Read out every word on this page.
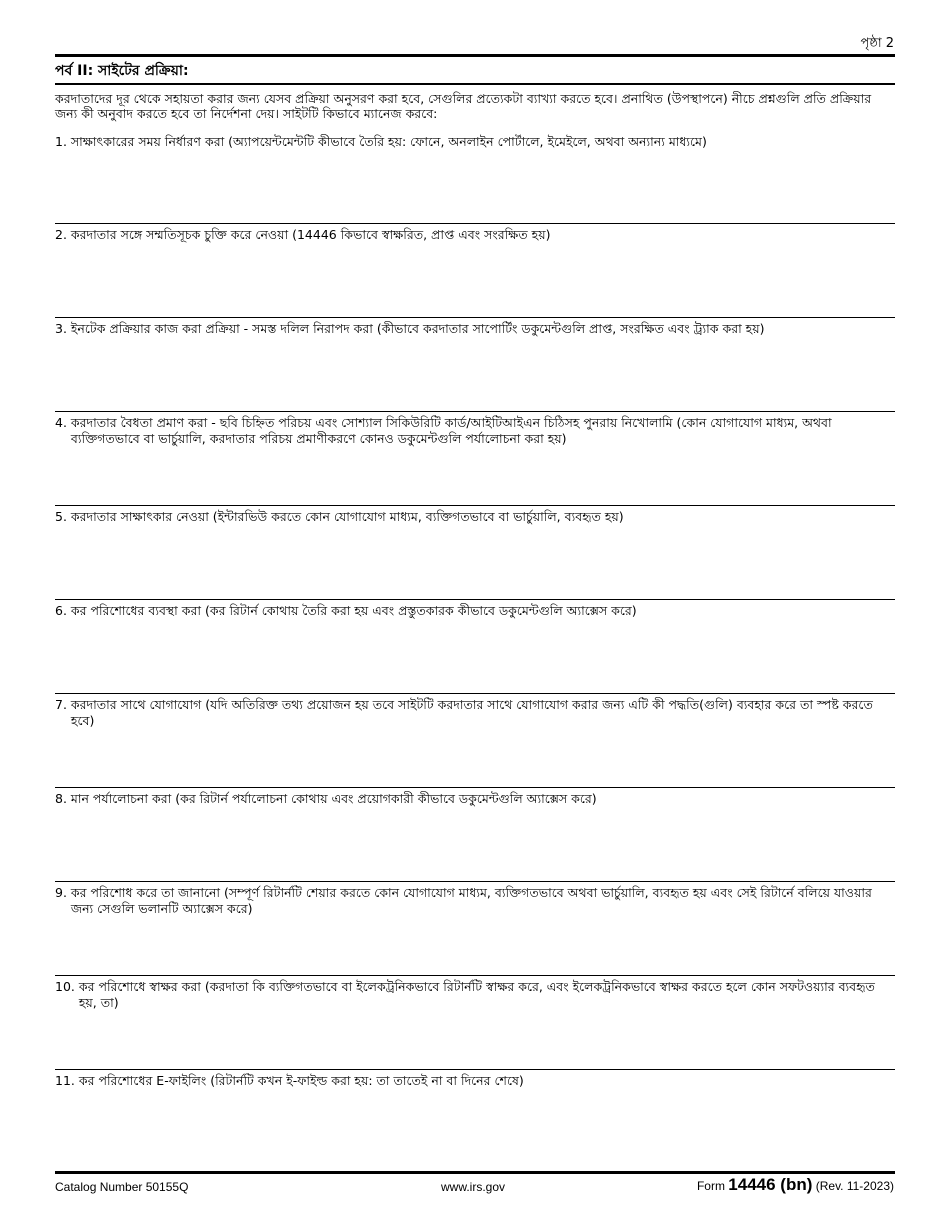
পৃষ্ঠা 2
পর্ব II: সাইটের প্রক্রিয়া:
করদাতাদের দূর থেকে সহায়তা করার জন্য যেসব প্রক্রিয়া অনুসরণ করা হবে, সেগুলির প্রত্যেকটা ব্যাখ্যা করতে হবে। প্রনাথিত (উপস্থাপনে) নীচে প্রশ্নগুলি প্রতি প্রক্রিয়ার জন্য কী অনুবাদ করতে হবে তা নির্দেশনা দেয়। সাইটটি কিভাবে ম্যানেজ করবে:
1. সাক্ষাৎকারের সময় নির্ধারণ করা (অ্যাপয়েন্টমেন্টটি কীভাবে তৈরি হয়: ফোনে, অনলাইন পোর্টালে, ইমেইলে, অথবা অন্যান্য মাধ্যমে)
2. করদাতার সঙ্গে সম্মতিসূচক চুক্তি করে নেওয়া (14446 কিভাবে স্বাক্ষরিত, প্রাপ্ত এবং সংরক্ষিত হয়)
3. ইনটেক প্রক্রিয়ার কাজ করা প্রক্রিয়া - সমস্ত দলিল নিরাপদ করা (কীভাবে করদাতার সাপোর্টিং ডকুমেন্টগুলি প্রাপ্ত, সংরক্ষিত এবং ট্র্যাক করা হয়)
4. করদাতার বৈধতা প্রমাণ করা - ছবি চিহ্নিত পরিচয় এবং সোশ্যাল সিকিউরিটি কার্ড/আইটিআইএন চিঠিসহ পুনরায় নিখোলামি (কোন যোগাযোগ মাধ্যম, অথবা ব্যক্তিগতভাবে বা ভার্চুয়ালি, করদাতার পরিচয় প্রমাণীকরণে কোনও ডকুমেন্টগুলি পর্যালোচনা করা হয়)
5. করদাতার সাক্ষাৎকার নেওয়া (ইন্টারভিউ করতে কোন যোগাযোগ মাধ্যম, ব্যক্তিগতভাবে বা ভার্চুয়ালি, ব্যবহৃত হয়)
6. কর পরিশোধের ব্যবস্থা করা (কর রিটার্ন কোথায় তৈরি করা হয় এবং প্রস্তুতকারক কীভাবে ডকুমেন্টগুলি অ্যাক্সেস করে)
7. করদাতার সাথে যোগাযোগ (যদি অতিরিক্ত তথ্য প্রয়োজন হয় তবে সাইটটি করদাতার সাথে যোগাযোগ করার জন্য এটি কী পদ্ধতি(গুলি) ব্যবহার করে তা স্পষ্ট করতে হবে)
8. মান পর্যালোচনা করা (কর রিটার্ন পর্যালোচনা কোথায় এবং প্রয়োগকারী কীভাবে ডকুমেন্টগুলি অ্যাক্সেস করে)
9. কর পরিশোধ করে তা জানানো (সম্পূর্ণ রিটার্নটি শেয়ার করতে কোন যোগাযোগ মাধ্যম, ব্যক্তিগতভাবে অথবা ভার্চুয়ালি, ব্যবহৃত হয় এবং সেই রিটার্নে বলিয়ে যাওয়ার জন্য সেগুলি ভলানটি অ্যাক্সেস করে)
10. কর পরিশোধে স্বাক্ষর করা (করদাতা কি ব্যক্তিগতভাবে বা ইলেকট্রনিকভাবে রিটার্নটি স্বাক্ষর করে, এবং ইলেকট্রনিকভাবে স্বাক্ষর করতে হলে কোন সফটওয়্যার ব্যবহৃত হয়, তা)
11. কর পরিশোধের E-ফাইলিং (রিটার্নটি কখন ই-ফাইল্ড করা হয়: তা তাতেই না বা দিনের শেষে)
Catalog Number 50155Q	www.irs.gov	Form 14446 (bn) (Rev. 11-2023)
